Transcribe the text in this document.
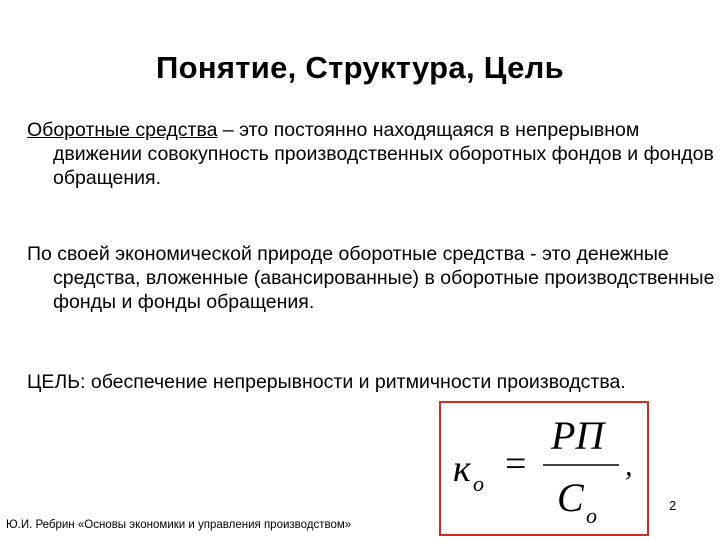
Понятие, Структура, Цель
Оборотные средства – это постоянно находящаяся в непрерывном движении совокупность производственных оборотных фондов и фондов обращения.
По своей экономической природе оборотные средства - это денежные средства, вложенные (авансированные) в оборотные производственные фонды и фонды обращения.
ЦЕЛЬ: обеспечение непрерывности и ритмичности производства.
к о =
РП
С о
,
2
Ю.И. Ребрин «Основы экономики и управления производством»
